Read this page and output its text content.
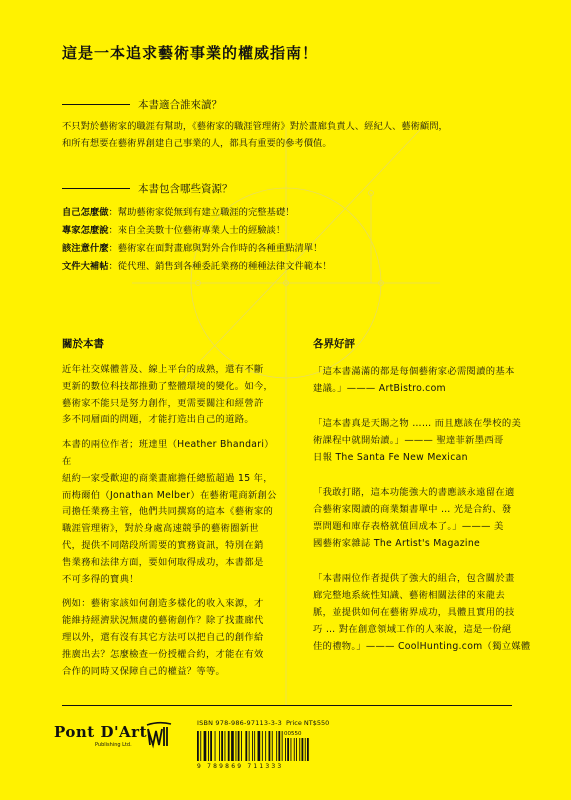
這是一本追求藝術事業的權威指南！
本書適合誰來讀？
不只對於藝術家的職涯有幫助，《藝術家的職涯管理術》對於畫廊負責人、經紀人、藝術顧問，
和所有想要在藝術界創建自己事業的人，都具有重要的參考價值。
本書包含哪些資源？
自己怎麼做：幫助藝術家從無到有建立職涯的完整基礎！
專家怎麼說：來自全美數十位藝術專業人士的經驗談！
該注意什麼：藝術家在面對畫廊與對外合作時的各種重點清單！
文件大補帖：從代理、銷售到各種委託業務的種種法律文件範本！
關於本書

近年社交媒體普及、線上平台的成熟，還有不斷
更新的數位科技都推動了整體環境的變化。如今，
藝術家不能只是努力創作，更需要關注和經營許
多不同層面的問題，才能打造出自己的道路。

本書的兩位作者；班達里（Heather Bhandari）在
紐約一家受歡迎的商業畫廊擔任總監超過 15 年，
而梅爾伯（Jonathan Melber）在藝術電商新創公
司擔任業務主管，他們共同撰寫的這本《藝術家的
職涯管理術》，對於身處高速競爭的藝術圈新世
代，提供不同階段所需要的實務資訊，特別在銷
售業務和法律方面，要如何取得成功，本書都是
不可多得的寶典！

例如：藝術家該如何創造多樣化的收入來源，才
能維持經濟狀況無虞的藝術創作？除了找畫廊代
理以外，還有沒有其它方法可以把自己的創作給
推廣出去？怎麼檢查一份授權合約，才能在有效
合作的同時又保障自己的權益？等等。

各界好評

「這本書滿滿的都是每個藝術家必需閱讀的基本
建議。」——— ArtBistro.com

「這本書真是天賜之物 …… 而且應該在學校的美
術課程中就開始讀。」——— 聖達菲新墨西哥
日報 The Santa Fe New Mexican

「我敢打賭，這本功能強大的書應該永遠留在適
合藝術家閱讀的商業類書單中 … 光是合約、發
票問題和庫存表格就值回成本了。」——— 美
國藝術家雜誌 The Artist's Magazine

「本書兩位作者提供了強大的組合，包含關於畫
廊完整地系統性知識、藝術相關法律的來龍去
脈，並提供如何在藝術界成功，具體且實用的技
巧 … 對在創意領域工作的人來說，這是一份絕
佳的禮物。」——— CoolHunting.com（獨立媒體

Pont D'Art
Publishing Ltd.
ISBN 978-986-97113-3-3 Price NT$550
00550
9 789869 711333
